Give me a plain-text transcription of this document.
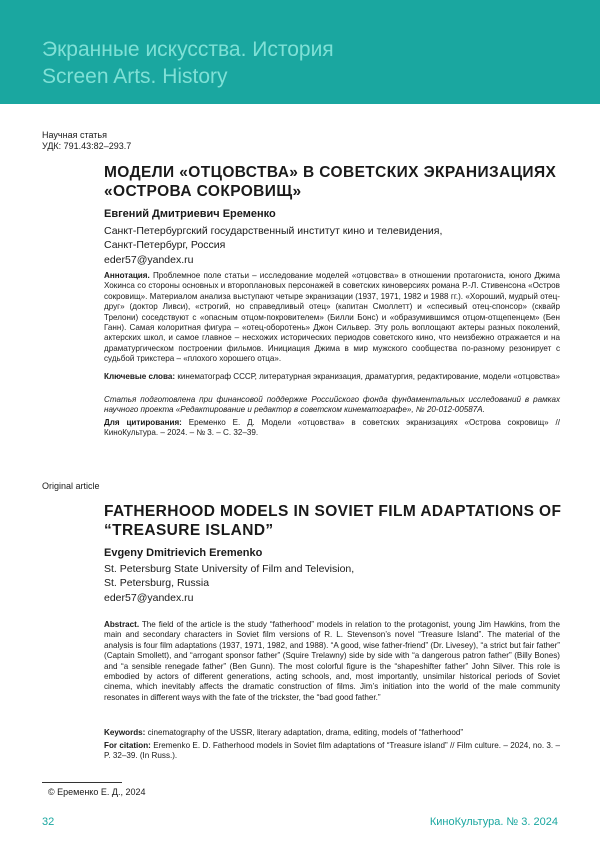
Экранные искусства. История
Screen Arts. History
Научная статья
УДК: 791.43:82–293.7
МОДЕЛИ «ОТЦОВСТВА» В СОВЕТСКИХ ЭКРАНИЗАЦИЯХ «ОСТРОВА СОКРОВИЩ»
Евгений Дмитриевич Еременко
Санкт-Петербургский государственный институт кино и телевидения,
Санкт-Петербург, Россия
eder57@yandex.ru
Аннотация. Проблемное поле статьи – исследование моделей «отцовства» в отношении протагониста, юного Джима Хокинса со стороны основных и второплановых персонажей в советских киноверсиях романа Р.-Л. Стивенсона «Остров сокровищ». Материалом анализа выступают четыре экранизации (1937, 1971, 1982 и 1988 гг.). «Хороший, мудрый отец-друг» (доктор Ливси), «строгий, но справедливый отец» (капитан Смоллетт) и «спесивый отец-спонсор» (сквайр Трелони) соседствуют с «опасным отцом-покровителем» (Билли Бонс) и «образумившимся отцом-отщепенцем» (Бен Ганн). Самая колоритная фигура – «отец-оборотень» Джон Сильвер. Эту роль воплощают актеры разных поколений, актерских школ, и самое главное – несхожих исторических периодов советского кино, что неизбежно отражается и на драматургическом построении фильмов. Инициация Джима в мир мужского сообщества по-разному резонирует с судьбой трикстера – «плохого хорошего отца».
Ключевые слова: кинематограф СССР, литературная экранизация, драматургия, редактирование, модели «отцовства»
Статья подготовлена при финансовой поддержке Российского фонда фундаментальных исследований в рамках научного проекта «Редактирование и редактор в советском кинематографе», № 20-012-00587А.
Для цитирования: Еременко Е. Д. Модели «отцовства» в советских экранизациях «Острова сокровищ» // КиноКультура. – 2024. – № 3. – С. 32–39.
Original article
FATHERHOOD MODELS IN SOVIET FILM ADAPTATIONS OF “TREASURE ISLAND”
Evgeny Dmitrievich Eremenko
St. Petersburg State University of Film and Television,
St. Petersburg, Russia
eder57@yandex.ru
Abstract. The field of the article is the study “fatherhood” models in relation to the protagonist, young Jim Hawkins, from the main and secondary characters in Soviet film versions of R. L. Stevenson’s novel “Treasure Island”. The material of the analysis is four film adaptations (1937, 1971, 1982, and 1988). “A good, wise father-friend” (Dr. Livesey), “a strict but fair father” (Captain Smollett), and “arrogant sponsor father” (Squire Trelawny) side by side with “a dangerous patron father” (Billy Bones) and “a sensible renegade father” (Ben Gunn). The most colorful figure is the “shapeshifter father” John Silver. This role is embodied by actors of different generations, acting schools, and, most importantly, unsimilar historical periods of Soviet cinema, which inevitably affects the dramatic construction of films. Jim’s initiation into the world of the male community resonates in different ways with the fate of the trickster, the “bad good father.”
Keywords: cinematography of the USSR, literary adaptation, drama, editing, models of “fatherhood”
For citation: Eremenko E. D. Fatherhood models in Soviet film adaptations of “Treasure island” // Film culture. – 2024, no. 3. – P. 32–39. (In Russ.).
© Еременко Е. Д., 2024
32	КиноКультура. № 3. 2024
